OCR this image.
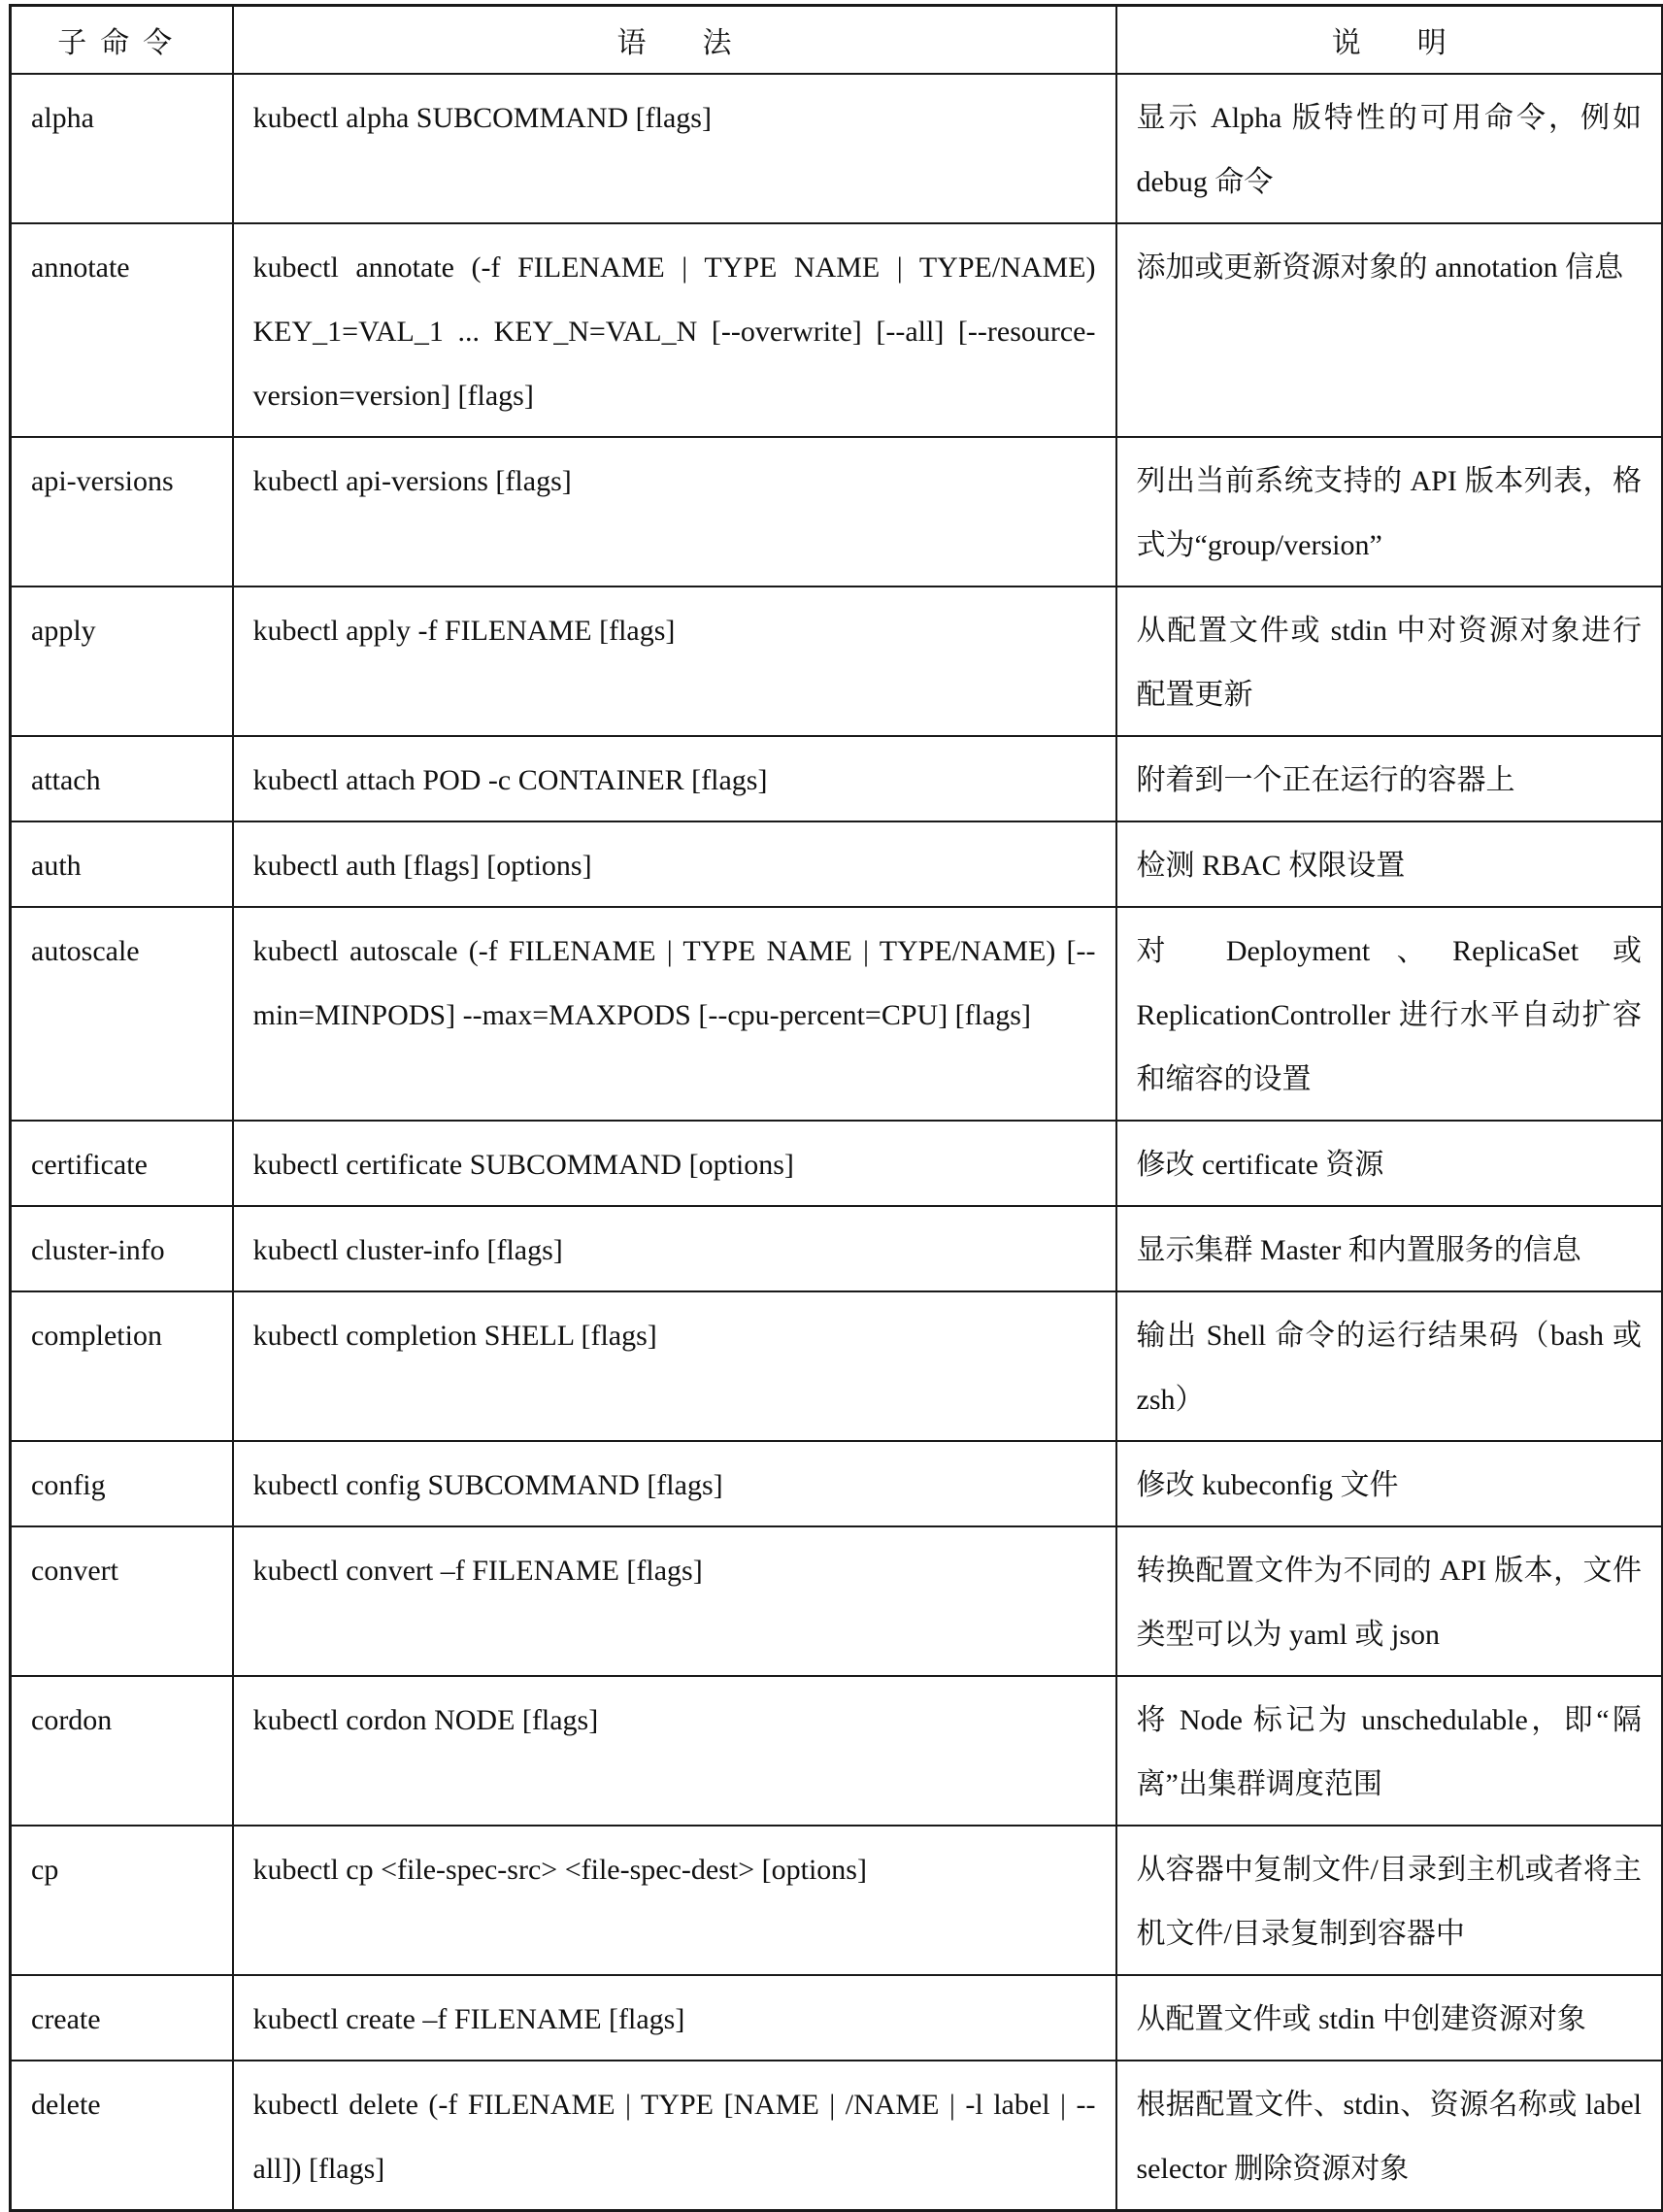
子命令	语法	说明
alpha	kubectl alpha SUBCOMMAND [flags]	显示 Alpha 版特性的可用命令，例如 debug 命令
annotate	kubectl annotate (-f FILENAME | TYPE NAME | TYPE/NAME) KEY_1=VAL_1 ... KEY_N=VAL_N [--overwrite] [--all] [--resource-version=version] [flags]	添加或更新资源对象的 annotation 信息
api-versions	kubectl api-versions [flags]	列出当前系统支持的 API 版本列表，格式为“group/version”
apply	kubectl apply -f FILENAME [flags]	从配置文件或 stdin 中对资源对象进行配置更新
attach	kubectl attach POD -c CONTAINER [flags]	附着到一个正在运行的容器上
auth	kubectl auth [flags] [options]	检测 RBAC 权限设置
autoscale	kubectl autoscale (-f FILENAME | TYPE NAME | TYPE/NAME) [--min=MINPODS] --max=MAXPODS [--cpu-percent=CPU] [flags]	对 Deployment、ReplicaSet 或 ReplicationController 进行水平自动扩容和缩容的设置
certificate	kubectl certificate SUBCOMMAND [options]	修改 certificate 资源
cluster-info	kubectl cluster-info [flags]	显示集群 Master 和内置服务的信息
completion	kubectl completion SHELL [flags]	输出 Shell 命令的运行结果码（bash 或 zsh）
config	kubectl config SUBCOMMAND [flags]	修改 kubeconfig 文件
convert	kubectl convert –f FILENAME [flags]	转换配置文件为不同的 API 版本，文件类型可以为 yaml 或 json
cordon	kubectl cordon NODE [flags]	将 Node 标记为 unschedulable，即“隔离”出集群调度范围
cp	kubectl cp <file-spec-src> <file-spec-dest> [options]	从容器中复制文件/目录到主机或者将主机文件/目录复制到容器中
create	kubectl create –f FILENAME [flags]	从配置文件或 stdin 中创建资源对象
delete	kubectl delete (-f FILENAME | TYPE [NAME | /NAME | -l label | --all]) [flags]	根据配置文件、stdin、资源名称或 label selector 删除资源对象
